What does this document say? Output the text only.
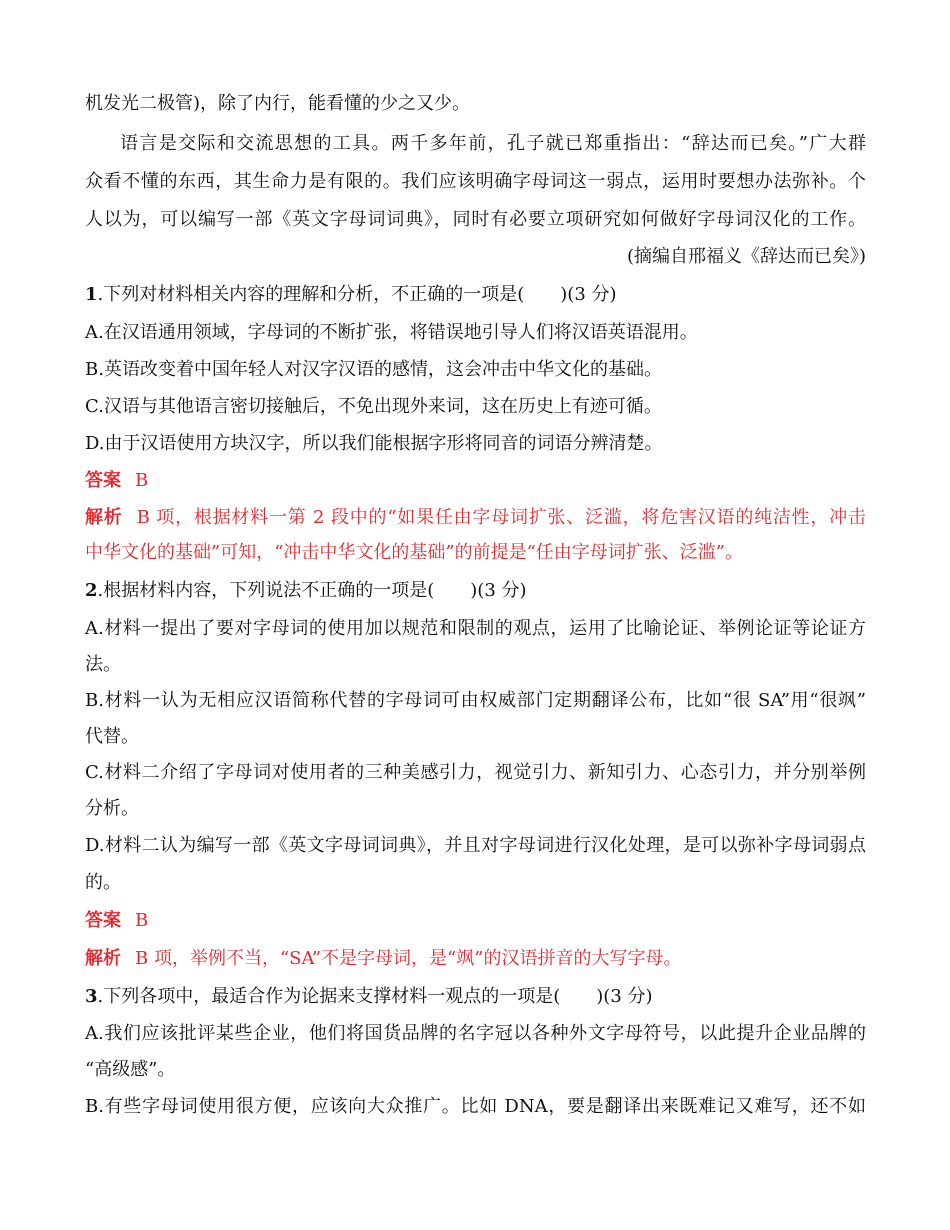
机发光二极管)，除了内行，能看懂的少之又少。
语言是交际和交流思想的工具。两千多年前，孔子就已郑重指出：“辞达而已矣。”广大群
众看不懂的东西，其生命力是有限的。我们应该明确字母词这一弱点，运用时要想办法弥补。个
人以为，可以编写一部《英文字母词词典》，同时有必要立项研究如何做好字母词汉化的工作。
(摘编自邢福义《辞达而已矣》)
1.下列对材料相关内容的理解和分析，不正确的一项是(　　)(3 分)
A.在汉语通用领域，字母词的不断扩张，将错误地引导人们将汉语英语混用。
B.英语改变着中国年轻人对汉字汉语的感情，这会冲击中华文化的基础。
C.汉语与其他语言密切接触后，不免出现外来词，这在历史上有迹可循。
D.由于汉语使用方块汉字，所以我们能根据字形将同音的词语分辨清楚。
答案 B
解析 B 项，根据材料一第 2 段中的“如果任由字母词扩张、泛滥，将危害汉语的纯洁性，冲击
中华文化的基础”可知，“冲击中华文化的基础”的前提是“任由字母词扩张、泛滥”。
2.根据材料内容，下列说法不正确的一项是(　　)(3 分)
A.材料一提出了要对字母词的使用加以规范和限制的观点，运用了比喻论证、举例论证等论证方
法。
B.材料一认为无相应汉语简称代替的字母词可由权威部门定期翻译公布，比如“很 SA”用“很飒”
代替。
C.材料二介绍了字母词对使用者的三种美感引力，视觉引力、新知引力、心态引力，并分别举例
分析。
D.材料二认为编写一部《英文字母词词典》，并且对字母词进行汉化处理，是可以弥补字母词弱点
的。
答案 B
解析 B 项，举例不当，“SA”不是字母词，是“飒”的汉语拼音的大写字母。
3.下列各项中，最适合作为论据来支撑材料一观点的一项是(　　)(3 分)
A.我们应该批评某些企业，他们将国货品牌的名字冠以各种外文字母符号，以此提升企业品牌的
“高级感”。
B.有些字母词使用很方便，应该向大众推广。比如 DNA，要是翻译出来既难记又难写，还不如
